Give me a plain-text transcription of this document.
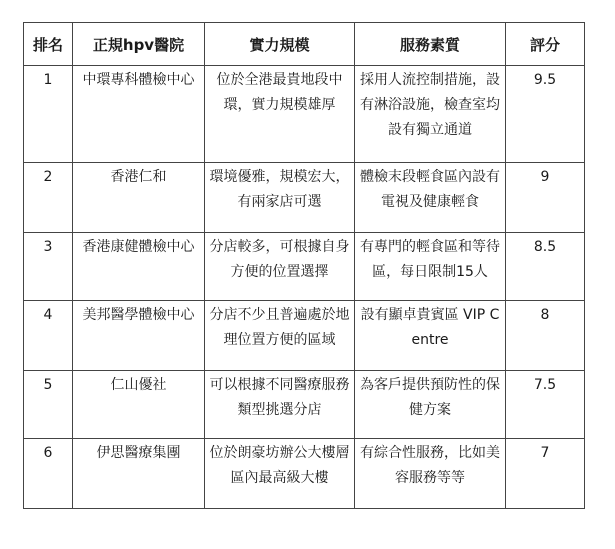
排名	正規hpv醫院	實力規模	服務素質	評分
1	中環專科體檢中心	位於全港最貴地段中環，實力規模雄厚	採用人流控制措施，設有淋浴設施，檢查室均設有獨立通道	9.5
2	香港仁和	環境優雅，規模宏大，有兩家店可選	體檢末段輕食區內設有電視及健康輕食	9
3	香港康健體檢中心	分店較多，可根據自身方便的位置選擇	有專門的輕食區和等待區，每日限制15人	8.5
4	美邦醫學體檢中心	分店不少且普遍處於地理位置方便的區域	設有顯卓貴賓區 VIP Centre	8
5	仁山優社	可以根據不同醫療服務類型挑選分店	為客戶提供預防性的保健方案	7.5
6	伊思醫療集團	位於朗豪坊辦公大樓層區內最高級大樓	有綜合性服務，比如美容服務等等	7
